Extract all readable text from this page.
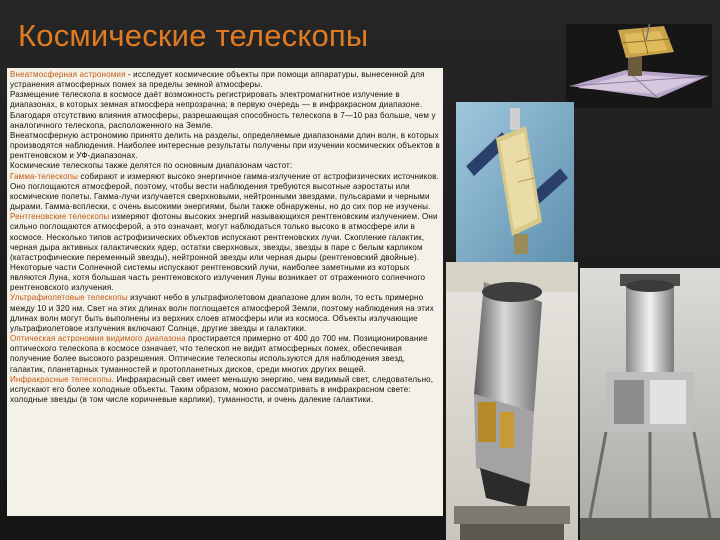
Космические телескопы

Внеатмосферная астрономия - исследует космические объекты при помощи аппаратуры, вынесенной для устранения атмосферных помех за пределы земной атмосферы.

Размещение телескопа в космосе даёт возможность регистрировать электромагнитное излучение в диапазонах, в которых земная атмосфера непрозрачна; в первую очередь — в инфракрасном диапазоне. Благодаря отсутствию влияния атмосферы, разрешающая способность телескопа в 7—10 раз больше, чем у аналогичного телескопа, расположенного на Земле.

Внеатмосферную астрономию принято делить на разделы, определяемые диапазонами длин волн, в которых производятся наблюдения. Наиболее интересные результаты получены при изучении космических объектов в рентгеновском и УФ-диапазонах.

Космические телескопы также делятся по основным диапазонам частот:

Гамма-телескопы собирают и измеряют высоко энергичное гамма-излучение от астрофизических источников. Оно поглощаются атмосферой, поэтому, чтобы вести наблюдения требуются высотные аэростаты или космические полеты. Гамма-лучи излучается сверхновыми, нейтронными звездами, пульсарами и черными дырами. Гамма-всплески, с очень высокими энергиями, были также обнаружены, но до сих пор не изучены.

Рентгеновские телескопы измеряют фотоны высоких энергий называющихся рентгеновским излучением. Они сильно поглощаются атмосферой, а это означает, могут наблюдаться только высоко в атмосфере или в космосе. Несколько типов астрофизических объектов испускают рентгеновских лучи. Скопление галактик, черная дыра активных галактических ядер, остатки сверхновых, звезды, звезды в паре с белым карликом (катастрофические переменный звезды), нейтронной звезды или черная дыры (рентгеновский двойные). Некоторые части Солнечной системы испускают рентгеновский лучи, наиболее заметными из которых являются Луна, хотя большая часть рентгеновского излучения Луны возникает от отраженного солнечного рентгеновского излучения.

Ультрафиолетовые телескопы изучают небо в ультрафиолетовом диапазоне длин волн, то есть примерно между 10 и 320 нм. Свет на этих длинах волн поглощается атмосферой Земли, поэтому наблюдения на этих длинах волн могут быть выполнены из верхних слоев атмосферы или из космоса. Объекты излучающие ультрафиолетовое излучения включают Солнце, другие звезды и галактики.

Оптическая астрономия видимого диапазона простирается примерно от 400 до 700 нм. Позиционирование оптического телескопа в космосе означает, что телескоп не видит атмосферных помех, обеспечивая получение более высокого разрешения. Оптические телескопы используются для наблюдения звезд, галактик, планетарных туманностей и протопланетных дисков, среди многих других вещей.

Инфракрасные телескопы. Инфракрасный свет имеет меньшую энергию, чем видимый свет, следовательно, испускают его более холодные объекты. Таким образом, можно рассматривать в инфракрасном свете: холодные звезды (в том числе коричневые карлики), туманности, и очень далекие галактики.
